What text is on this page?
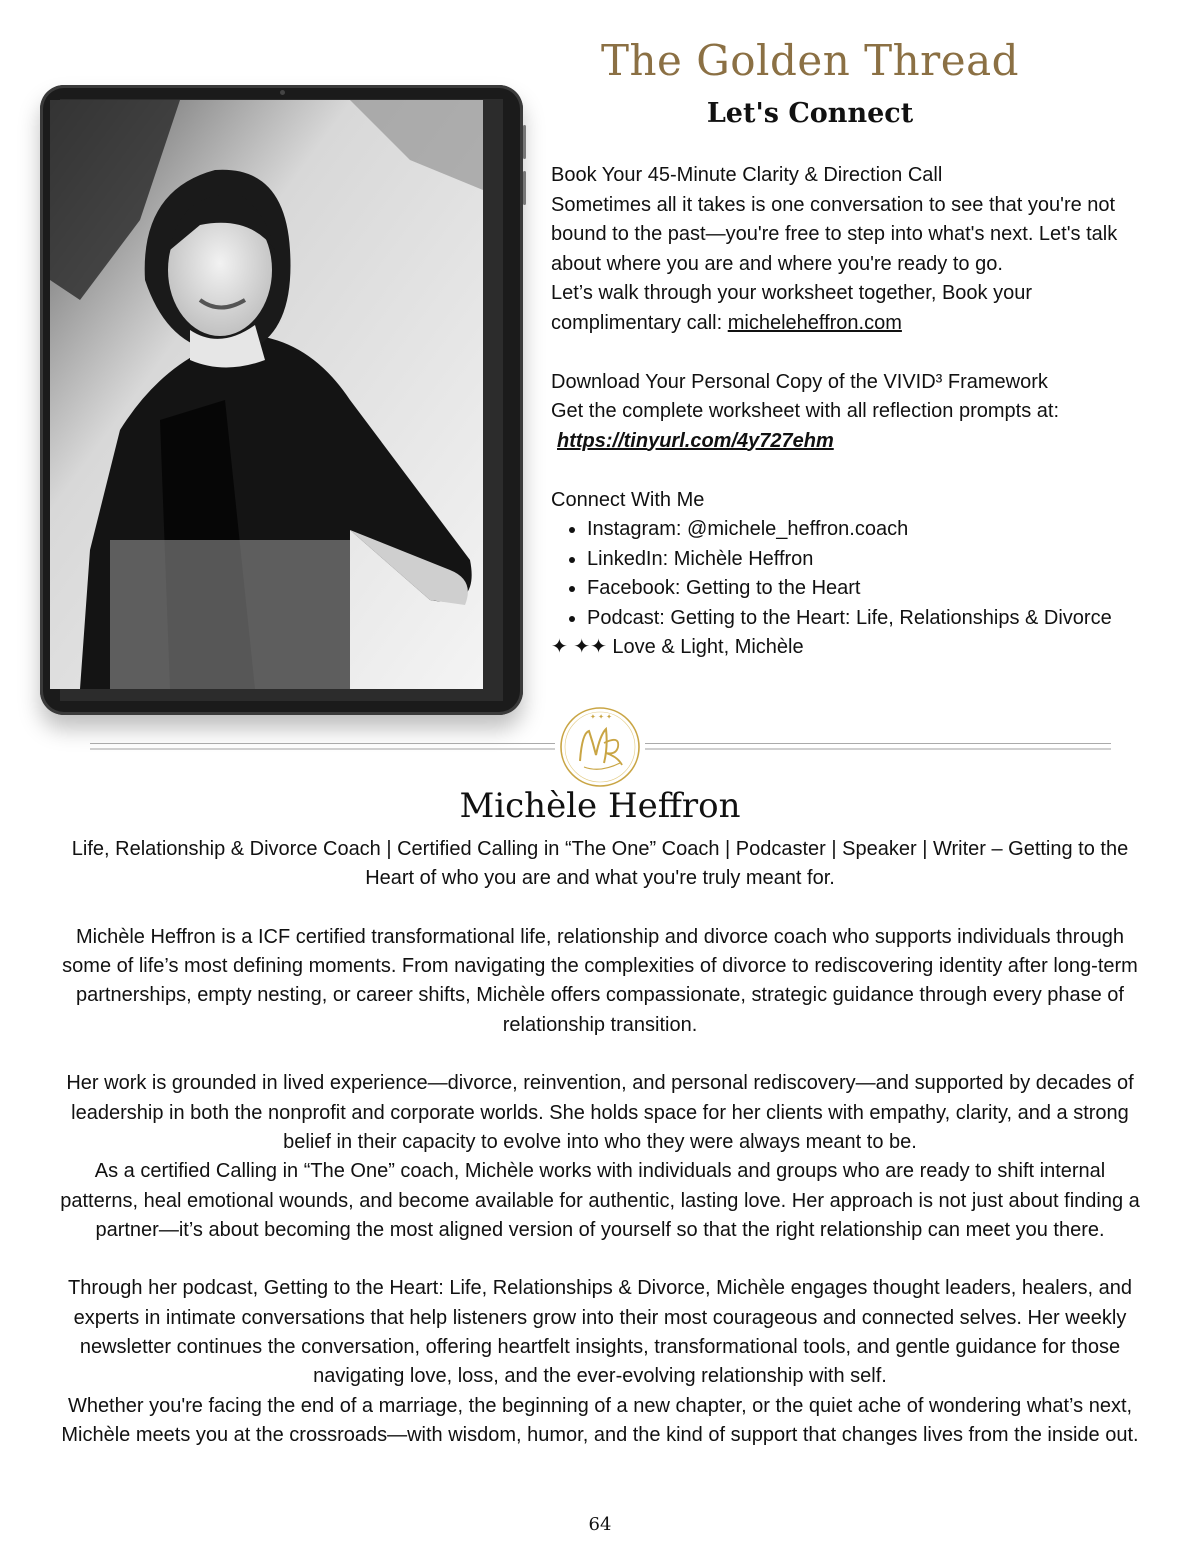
The Golden Thread
Let's Connect

Book Your 45-Minute Clarity & Direction Call

Sometimes all it takes is one conversation to see that you're not bound to the past—you're free to step into what's next. Let's talk about where you are and where you're ready to go.

Let’s walk through your worksheet together, Book your complimentary call: micheleheffron.com

Download Your Personal Copy of the VIVID³ Framework

Get the complete worksheet with all reflection prompts at:

https://tinyurl.com/4y727ehm

Connect With Me

• Instagram: @michele_heffron.coach
• LinkedIn: Michèle Heffron
• Facebook: Getting to the Heart
• Podcast: Getting to the Heart: Life, Relationships & Divorce

✦ ✦✦ Love & Light, Michèle

✦ ✦ ✦
Michèle Heffron

Life, Relationship & Divorce Coach | Certified Calling in “The One” Coach | Podcaster | Speaker | Writer – Getting to the Heart of who you are and what you're truly meant for.

Michèle Heffron is a ICF certified transformational life, relationship and divorce coach who supports individuals through some of life’s most defining moments. From navigating the complexities of divorce to rediscovering identity after long-term partnerships, empty nesting, or career shifts, Michèle offers compassionate, strategic guidance through every phase of relationship transition.

Her work is grounded in lived experience—divorce, reinvention, and personal rediscovery—and supported by decades of leadership in both the nonprofit and corporate worlds. She holds space for her clients with empathy, clarity, and a strong belief in their capacity to evolve into who they were always meant to be.

As a certified Calling in “The One” coach, Michèle works with individuals and groups who are ready to shift internal patterns, heal emotional wounds, and become available for authentic, lasting love. Her approach is not just about finding a partner—it’s about becoming the most aligned version of yourself so that the right relationship can meet you there.

Through her podcast, Getting to the Heart: Life, Relationships & Divorce, Michèle engages thought leaders, healers, and experts in intimate conversations that help listeners grow into their most courageous and connected selves. Her weekly newsletter continues the conversation, offering heartfelt insights, transformational tools, and gentle guidance for those navigating love, loss, and the ever-evolving relationship with self.

Whether you're facing the end of a marriage, the beginning of a new chapter, or the quiet ache of wondering what’s next, Michèle meets you at the crossroads—with wisdom, humor, and the kind of support that changes lives from the inside out.

64
